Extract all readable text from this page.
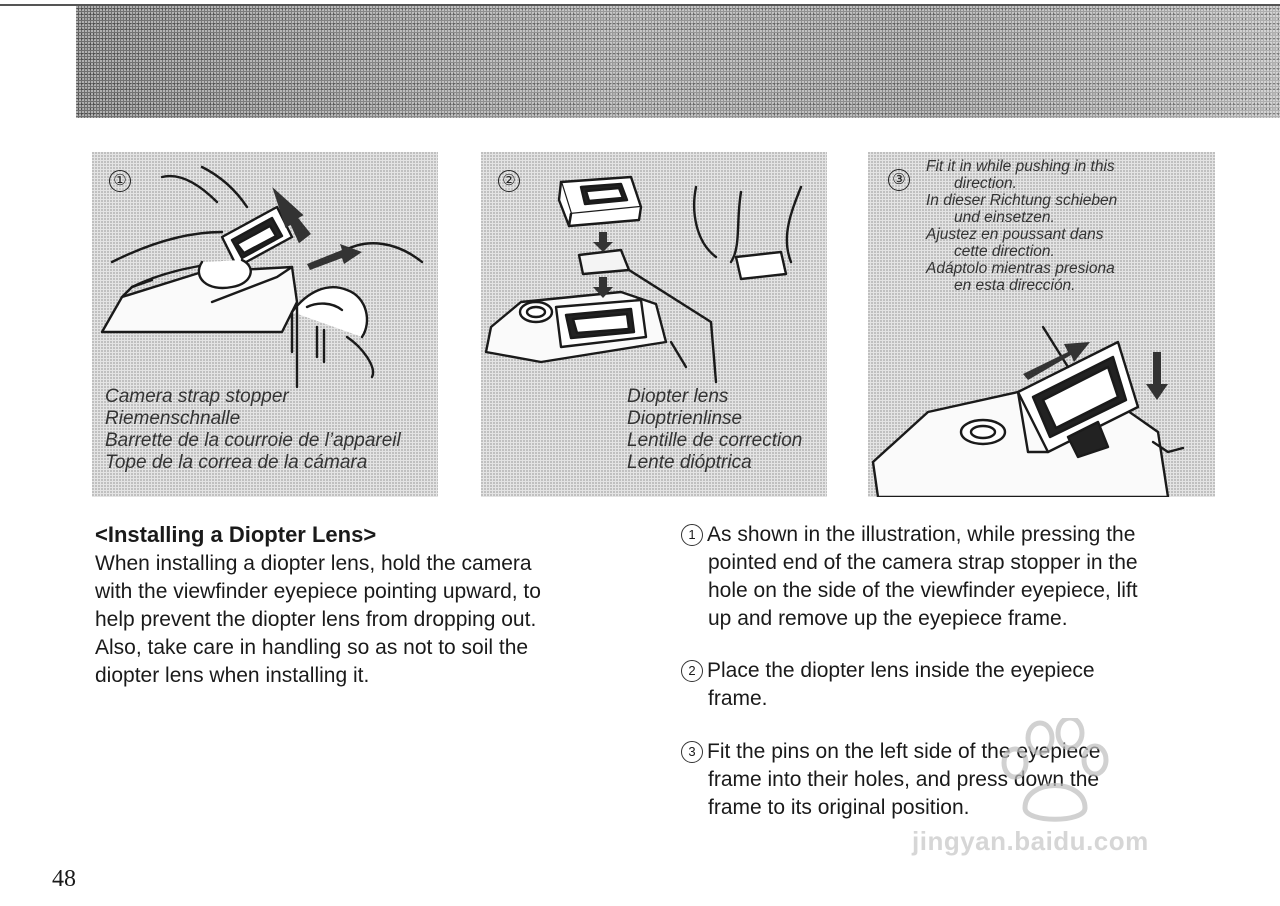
①
Camera strap stopper
Riemenschnalle
Barrette de la courroie de l’appareil
Tope de la correa de la cámara
②
Diopter lens
Dioptrienlinse
Lentille de correction
Lente dióptrica
③
Fit it in while pushing in this
direction.
In dieser Richtung schieben
und einsetzen.
Ajustez en poussant dans
cette direction.
Adáptolo mientras presiona
en esta dirección.
<Installing a Diopter Lens>
When installing a diopter lens, hold the camera
with the viewfinder eyepiece pointing upward, to
help prevent the diopter lens from dropping out.
Also, take care in handling so as not to soil the
diopter lens when installing it.
1 As shown in the illustration, while pressing the
pointed end of the camera strap stopper in the
hole on the side of the viewfinder eyepiece, lift
up and remove up the eyepiece frame.
2 Place the diopter lens inside the eyepiece
frame.
3 Fit the pins on the left side of the eyepiece
frame into their holes, and press down the
frame to its original position.
jingyan.baidu.com
48
